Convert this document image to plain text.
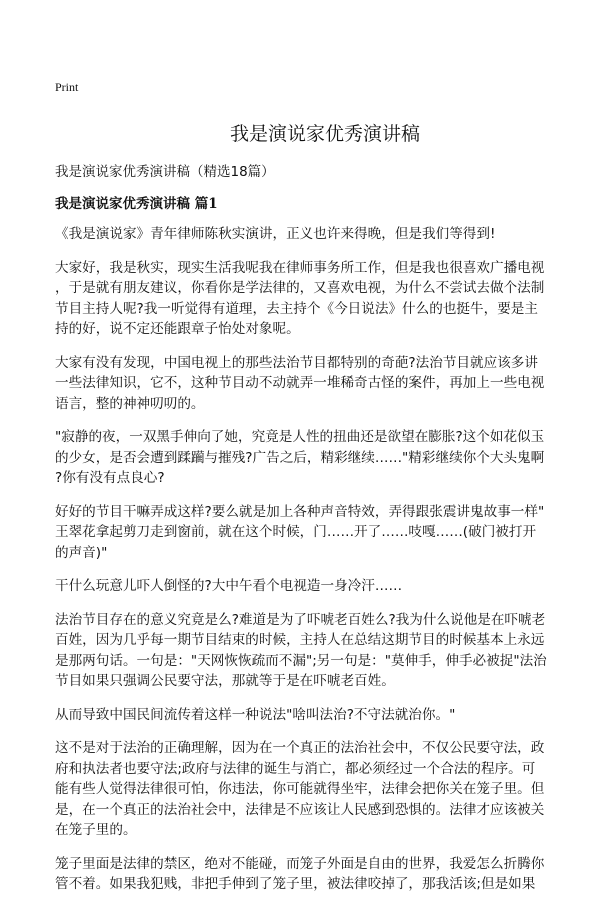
Print
我是演说家优秀演讲稿
我是演说家优秀演讲稿（精选18篇）
我是演说家优秀演讲稿 篇1
《我是演说家》青年律师陈秋实演讲，正义也许来得晚，但是我们等得到!
大家好，我是秋实，现实生活我呢我在律师事务所工作，但是我也很喜欢广播电视
，于是就有朋友建议，你看你是学法律的，又喜欢电视，为什么不尝试去做个法制
节目主持人呢?我一听觉得有道理，去主持个《今日说法》什么的也挺牛，要是主
持的好，说不定还能跟章子怡处对象呢。
大家有没有发现，中国电视上的那些法治节目都特别的奇葩?法治节目就应该多讲
一些法律知识，它不，这种节目动不动就弄一堆稀奇古怪的案件，再加上一些电视
语言，整的神神叨叨的。
"寂静的夜，一双黑手伸向了她，究竟是人性的扭曲还是欲望在膨胀?这个如花似玉
的少女，是否会遭到蹂躏与摧残?广告之后，精彩继续……"精彩继续你个大头鬼啊
?你有没有点良心?
好好的节目干嘛弄成这样?要么就是加上各种声音特效，弄得跟张震讲鬼故事一样"
王翠花拿起剪刀走到窗前，就在这个时候，门……开了……吱嘎……(破门被打开
的声音)"
干什么玩意儿吓人倒怪的?大中午看个电视造一身冷汗……
法治节目存在的意义究竟是么?难道是为了吓唬老百姓么?我为什么说他是在吓唬老
百姓，因为几乎每一期节目结束的时候，主持人在总结这期节目的时候基本上永远
是那两句话。一句是："天网恢恢疏而不漏";另一句是："莫伸手，伸手必被捉"法治
节目如果只强调公民要守法，那就等于是在吓唬老百姓。
从而导致中国民间流传着这样一种说法"啥叫法治?不守法就治你。"
这不是对于法治的正确理解，因为在一个真正的法治社会中，不仅公民要守法，政
府和执法者也要守法;政府与法律的诞生与消亡，都必须经过一个合法的程序。可
能有些人觉得法律很可怕，你违法，你可能就得坐牢，法律会把你关在笼子里。但
是，在一个真正的法治社会中，法律是不应该让人民感到恐惧的。法律才应该被关
在笼子里的。
笼子里面是法律的禁区，绝对不能碰，而笼子外面是自由的世界，我爱怎么折腾你
管不着。如果我犯贱，非把手伸到了笼子里，被法律咬掉了，那我活该;但是如果
